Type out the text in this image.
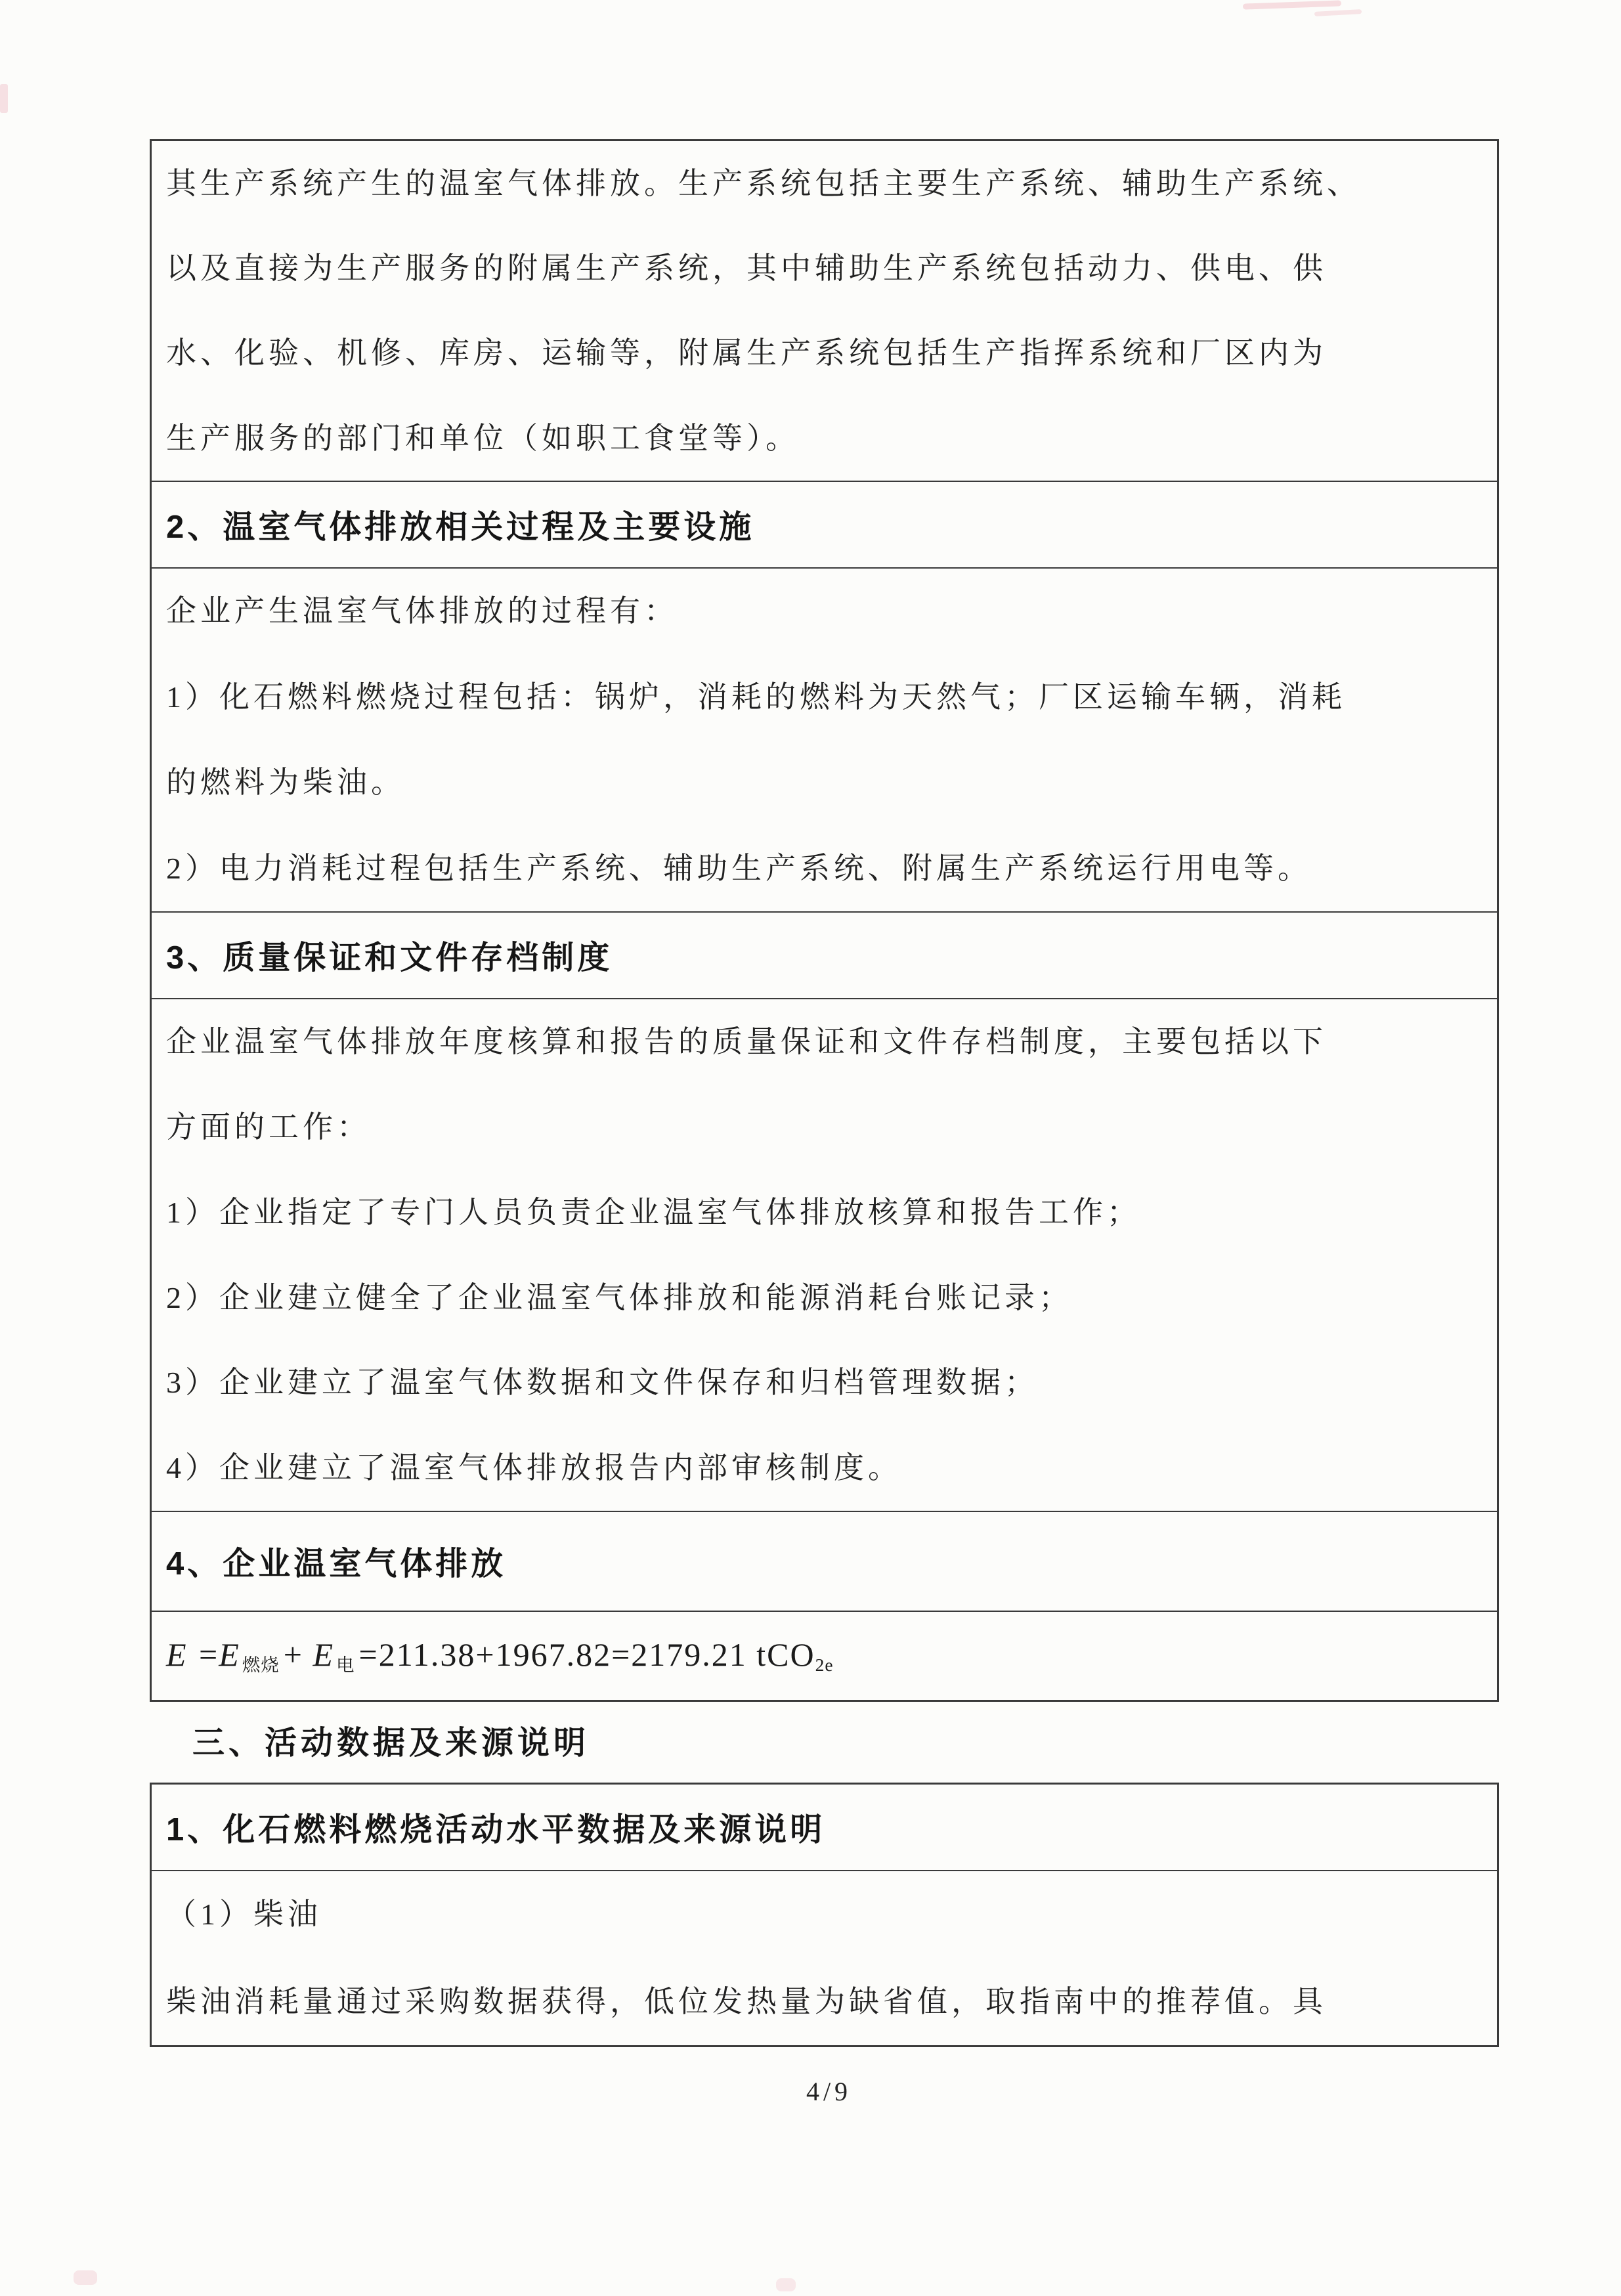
其生产系统产生的温室气体排放。生产系统包括主要生产系统、辅助生产系统、

以及直接为生产服务的附属生产系统，其中辅助生产系统包括动力、供电、供

水、化验、机修、库房、运输等，附属生产系统包括生产指挥系统和厂区内为

生产服务的部门和单位（如职工食堂等）。

2、温室气体排放相关过程及主要设施

企业产生温室气体排放的过程有：

1）化石燃料燃烧过程包括：锅炉，消耗的燃料为天然气；厂区运输车辆，消耗

的燃料为柴油。

2）电力消耗过程包括生产系统、辅助生产系统、附属生产系统运行用电等。

3、质量保证和文件存档制度

企业温室气体排放年度核算和报告的质量保证和文件存档制度，主要包括以下

方面的工作：

1）企业指定了专门人员负责企业温室气体排放核算和报告工作；

2）企业建立健全了企业温室气体排放和能源消耗台账记录；

3）企业建立了温室气体数据和文件保存和归档管理数据；

4）企业建立了温室气体排放报告内部审核制度。

4、企业温室气体排放

E =E 燃烧 + E 电 =211.38+1967.82=2179.21 tCO2e

三、活动数据及来源说明

1、化石燃料燃烧活动水平数据及来源说明

（1）柴油

柴油消耗量通过采购数据获得，低位发热量为缺省值，取指南中的推荐值。具

4/9
